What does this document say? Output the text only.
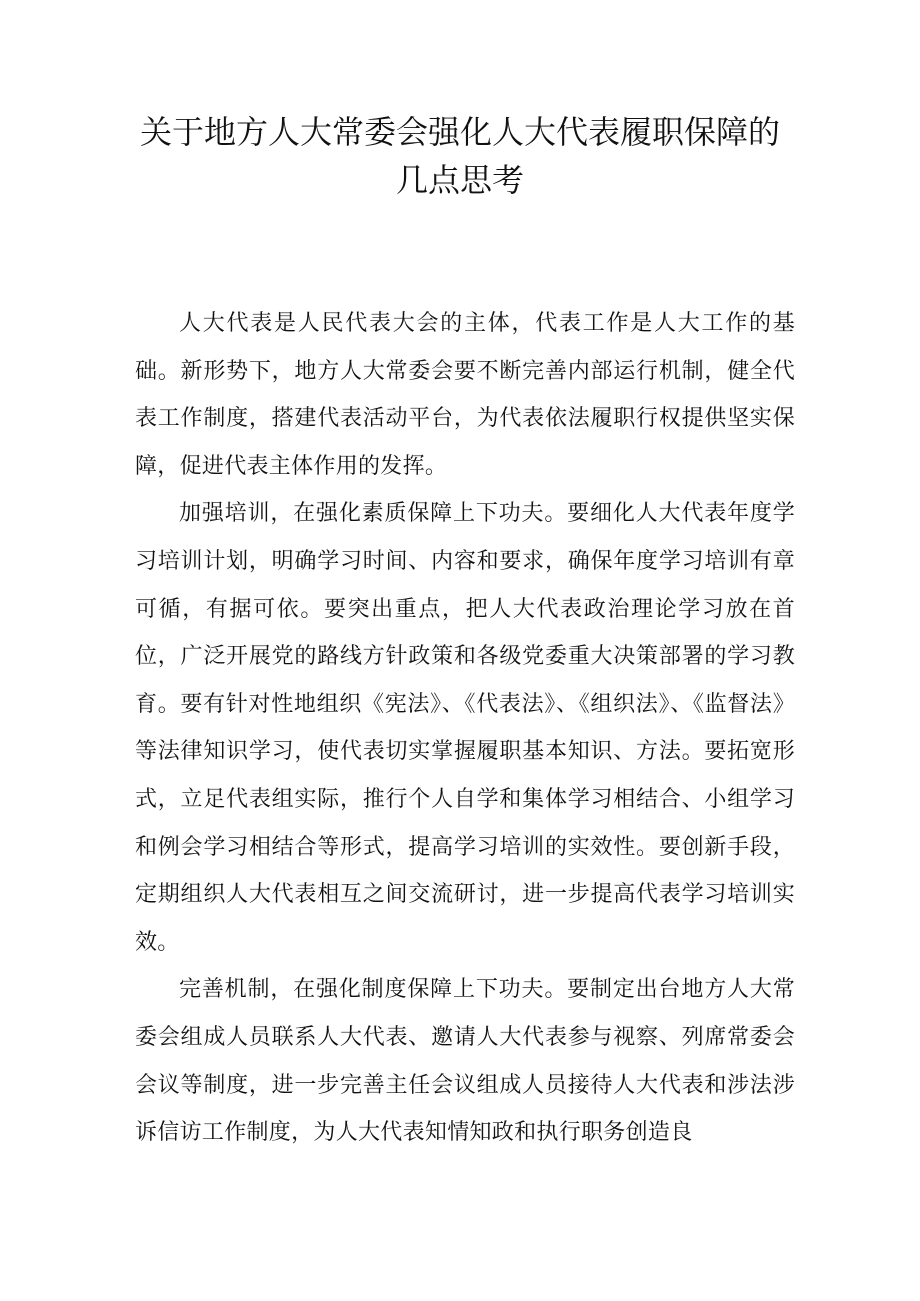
关于地方人大常委会强化人大代表履职保障的几点思考

人大代表是人民代表大会的主体，代表工作是人大工作的基础。新形势下，地方人大常委会要不断完善内部运行机制，健全代表工作制度，搭建代表活动平台，为代表依法履职行权提供坚实保障，促进代表主体作用的发挥。

加强培训，在强化素质保障上下功夫。要细化人大代表年度学习培训计划，明确学习时间、内容和要求，确保年度学习培训有章可循，有据可依。要突出重点，把人大代表政治理论学习放在首位，广泛开展党的路线方针政策和各级党委重大决策部署的学习教育。要有针对性地组织《宪法》、《代表法》、《组织法》、《监督法》等法律知识学习，使代表切实掌握履职基本知识、方法。要拓宽形式，立足代表组实际，推行个人自学和集体学习相结合、小组学习和例会学习相结合等形式，提高学习培训的实效性。要创新手段，定期组织人大代表相互之间交流研讨，进一步提高代表学习培训实效。

完善机制，在强化制度保障上下功夫。要制定出台地方人大常委会组成人员联系人大代表、邀请人大代表参与视察、列席常委会会议等制度，进一步完善主任会议组成人员接待人大代表和涉法涉诉信访工作制度，为人大代表知情知政和执行职务创造良
